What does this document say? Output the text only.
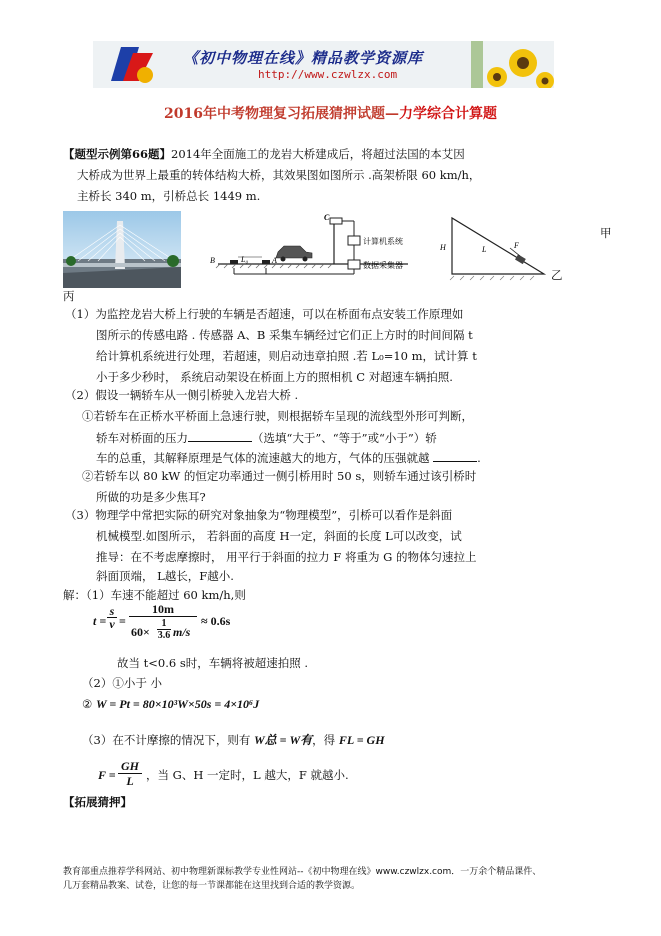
《初中物理在线》精品教学资源库
http://www.czwlzx.com
2016年中考物理复习拓展猜押试题—力学综合计算题
【题型示例第66题】2014年全面施工的龙岩大桥建成后，将超过法国的本艾因
大桥成为世界上最重的转体结构大桥，其效果图如图所示 .高架桥限 60 km/h，
主桥长 340 m，引桥总长 1449 m.
C
B	L₀	A
计算机系统
数据采集器
H	L	F
甲
乙
丙
（1）为监控龙岩大桥上行驶的车辆是否超速，可以在桥面布点安装工作原理如
图所示的传感电路 . 传感器 A、B 采集车辆经过它们正上方时的时间间隔 t
给计算机系统进行处理，若超速，则启动违章拍照 .若 L₀=10 m，试计算 t
小于多少秒时， 系统启动架设在桥面上方的照相机 C 对超速车辆拍照.
（2）假设一辆轿车从一侧引桥驶入龙岩大桥 .
①若轿车在正桥水平桥面上急速行驶，则根据轿车呈现的流线型外形可判断，
轿车对桥面的压力	（选填“大于”、“等于”或“小于”）轿
车的总重，其解释原理是气体的流速越大的地方，气体的压强就越	.
②若轿车以 80 kW 的恒定功率通过一侧引桥用时 50 s，则轿车通过该引桥时
所做的功是多少焦耳?
（3）物理学中常把实际的研究对象抽象为“物理模型”，引桥可以看作是斜面
机械模型.如图所示， 若斜面的高度 H一定，斜面的长度 L可以改变，试
推导：在不考虑摩擦时， 用平行于斜面的拉力 F 将重为 G 的物体匀速拉上
斜面顶端， L越长，F越小.
解：（1）车速不能超过 60 km/h,则
$t = \frac{s}{v} = 10m$
60×
1
3.6 m/s ≈ 0.6s
故当 t<0.6 s时，车辆将被超速拍照 .
（2）①小于 小
② W = Pt = 80×10³W×50s = 4×10⁶J
（3）在不计摩擦的情况下，则有 W总 = W有，得 FL = GH
$F = \frac{GH}{L}$ ，当 G、H 一定时，L 越大，F 就越小.
【拓展猜押】
教育部重点推荐学科网站、初中物理新课标教学专业性网站--《初中物理在线》www.czwlzx.com．一万余个精品课件、
几万套精品教案、试卷，让您的每一节课都能在这里找到合适的教学资源。
